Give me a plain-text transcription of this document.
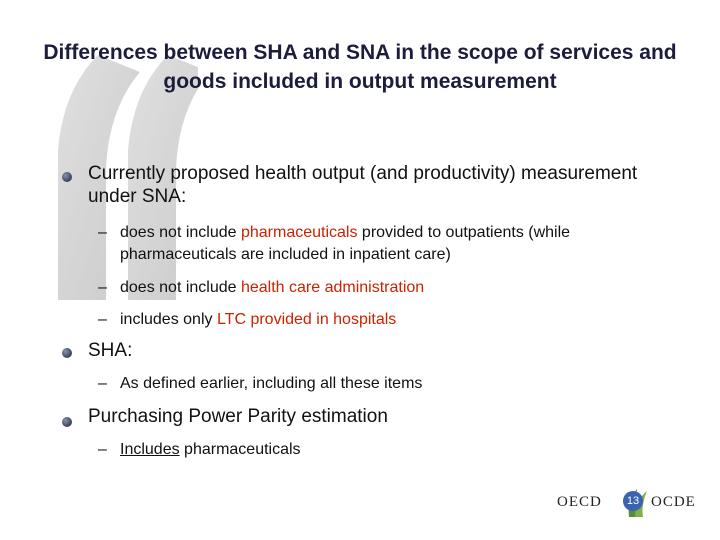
Differences between SHA and SNA in the scope of services and goods included in output measurement
Currently proposed health output (and productivity) measurement under SNA:
– does not include pharmaceuticals provided to outpatients (while pharmaceuticals are included in inpatient care)
– does not include health care administration
– includes only LTC provided in hospitals
SHA:
– As defined earlier, including all these items
Purchasing Power Parity estimation
– Includes pharmaceuticals
OECD	13 OCDE
